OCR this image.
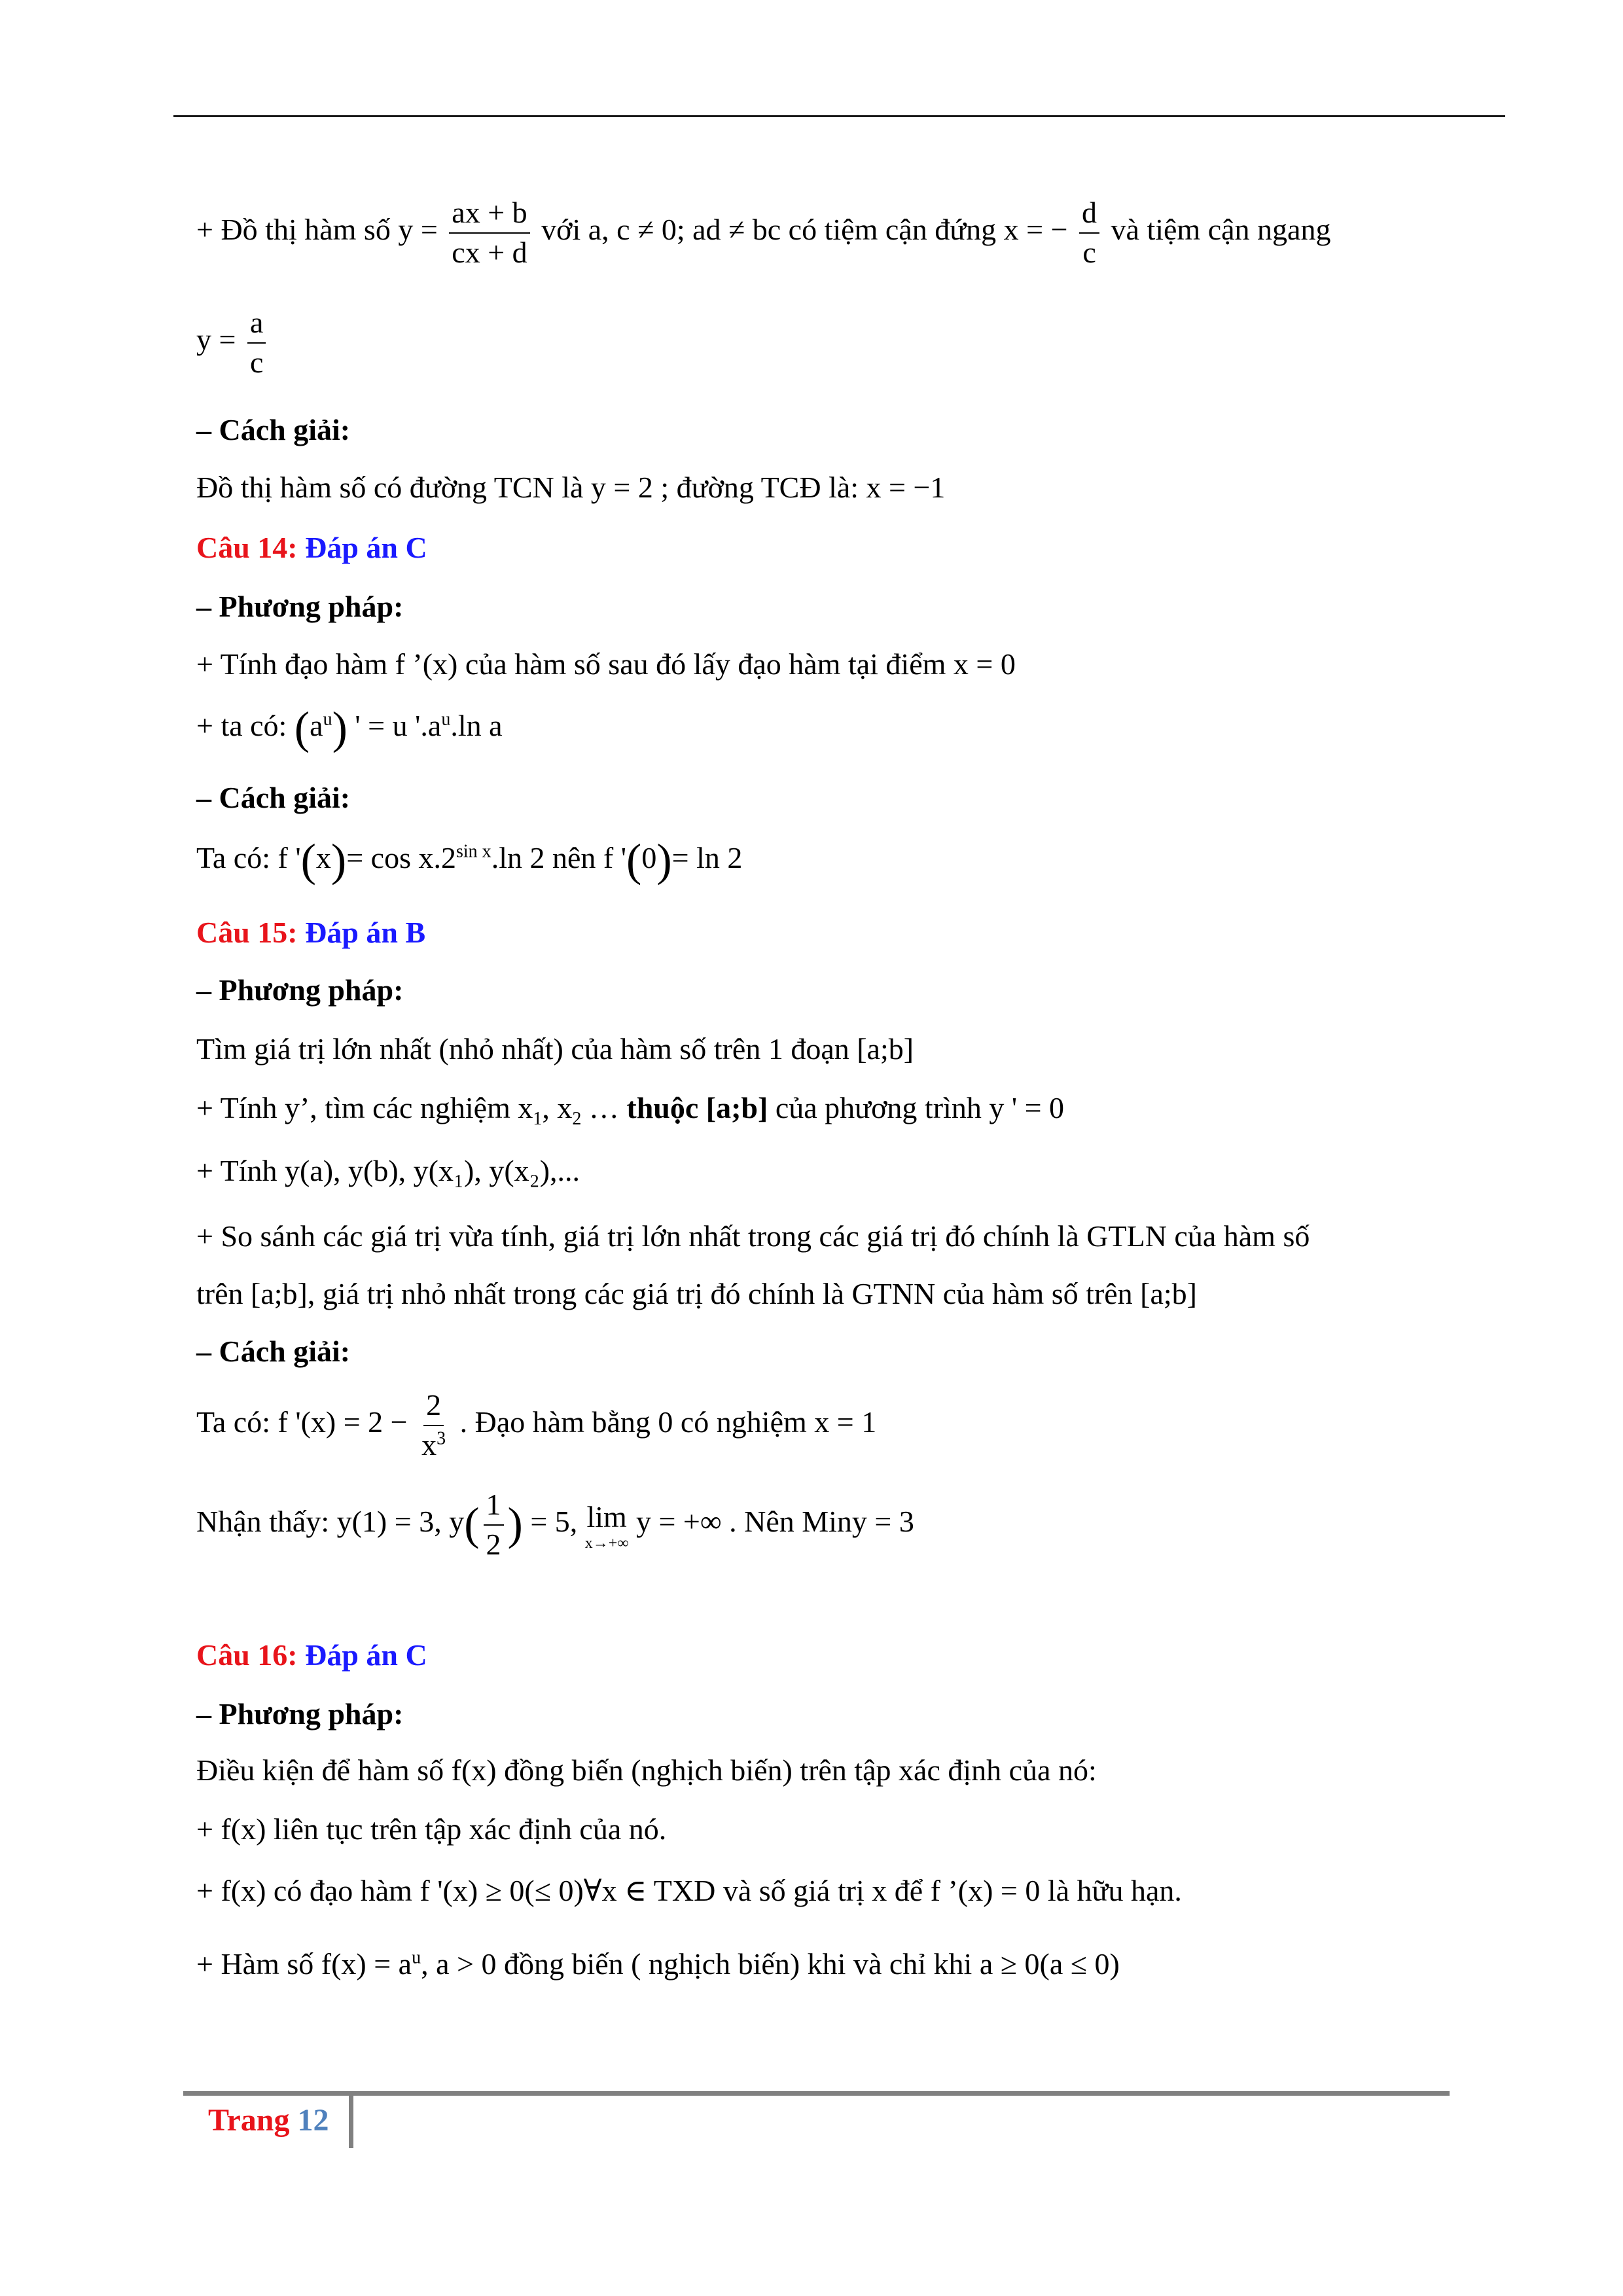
+ Đồ thị hàm số $y = \frac{ax + b}{cx + d}$ với a, c ≠ 0; ad ≠ bc có tiệm cận đứng x = − $\frac{d}{c}$ và tiệm cận ngang
$y = \frac{a}{c}$
– Cách giải:
Đồ thị hàm số có đường TCN là y = 2 ; đường TCĐ là: x = −1
Câu 14: Đáp án C
– Phương pháp:
+ Tính đạo hàm f ’(x) của hàm số sau đó lấy đạo hàm tại điểm x = 0
+ ta có: $(a^u)$ ' = u '$.a^u.\ln$ a
– Cách giải:
Ta có: f '$(x)= \cos x.2^{sin x}.\ln$ 2 nên f '(0)= ln 2
Câu 15: Đáp án B
– Phương pháp:
Tìm giá trị lớn nhất (nhỏ nhất) của hàm số trên 1 đoạn [a;b]
+ Tính y’, tìm các nghiệm $x_1$, $x_2$ … thuộc [a;b] của phương trình y ' = 0
+ Tính y(a), y(b), y(x₁), y(x₂),...
+ So sánh các giá trị vừa tính, giá trị lớn nhất trong các giá trị đó chính là GTLN của hàm số
trên [a;b], giá trị nhỏ nhất trong các giá trị đó chính là GTNN của hàm số trên [a;b]
– Cách giải:
Ta có: f '$(x) = 2 - \frac{2}{x^3}$ . Đạo hàm bằng 0 có nghiệm x = 1
Nhận thấy: y(1) = 3, $y( \frac{1}{2}$ ) = 5, lim
x→+∞
y = +∞ . Nên Miny = 3
Câu 16: Đáp án C
– Phương pháp:
Điều kiện để hàm số f(x) đồng biến (nghịch biến) trên tập xác định của nó:
+ f(x) liên tục trên tập xác định của nó.
+ f(x) có đạo hàm f '(x) ≥ 0(≤ 0)∀x ∈ TXD và số giá trị x để f ’(x) = 0 là hữu hạn.
+ Hàm số $f(x) = a^u$, a > 0 đồng biến ( nghịch biến) khi và chỉ khi a ≥ 0(a ≤ 0)
Trang 12
